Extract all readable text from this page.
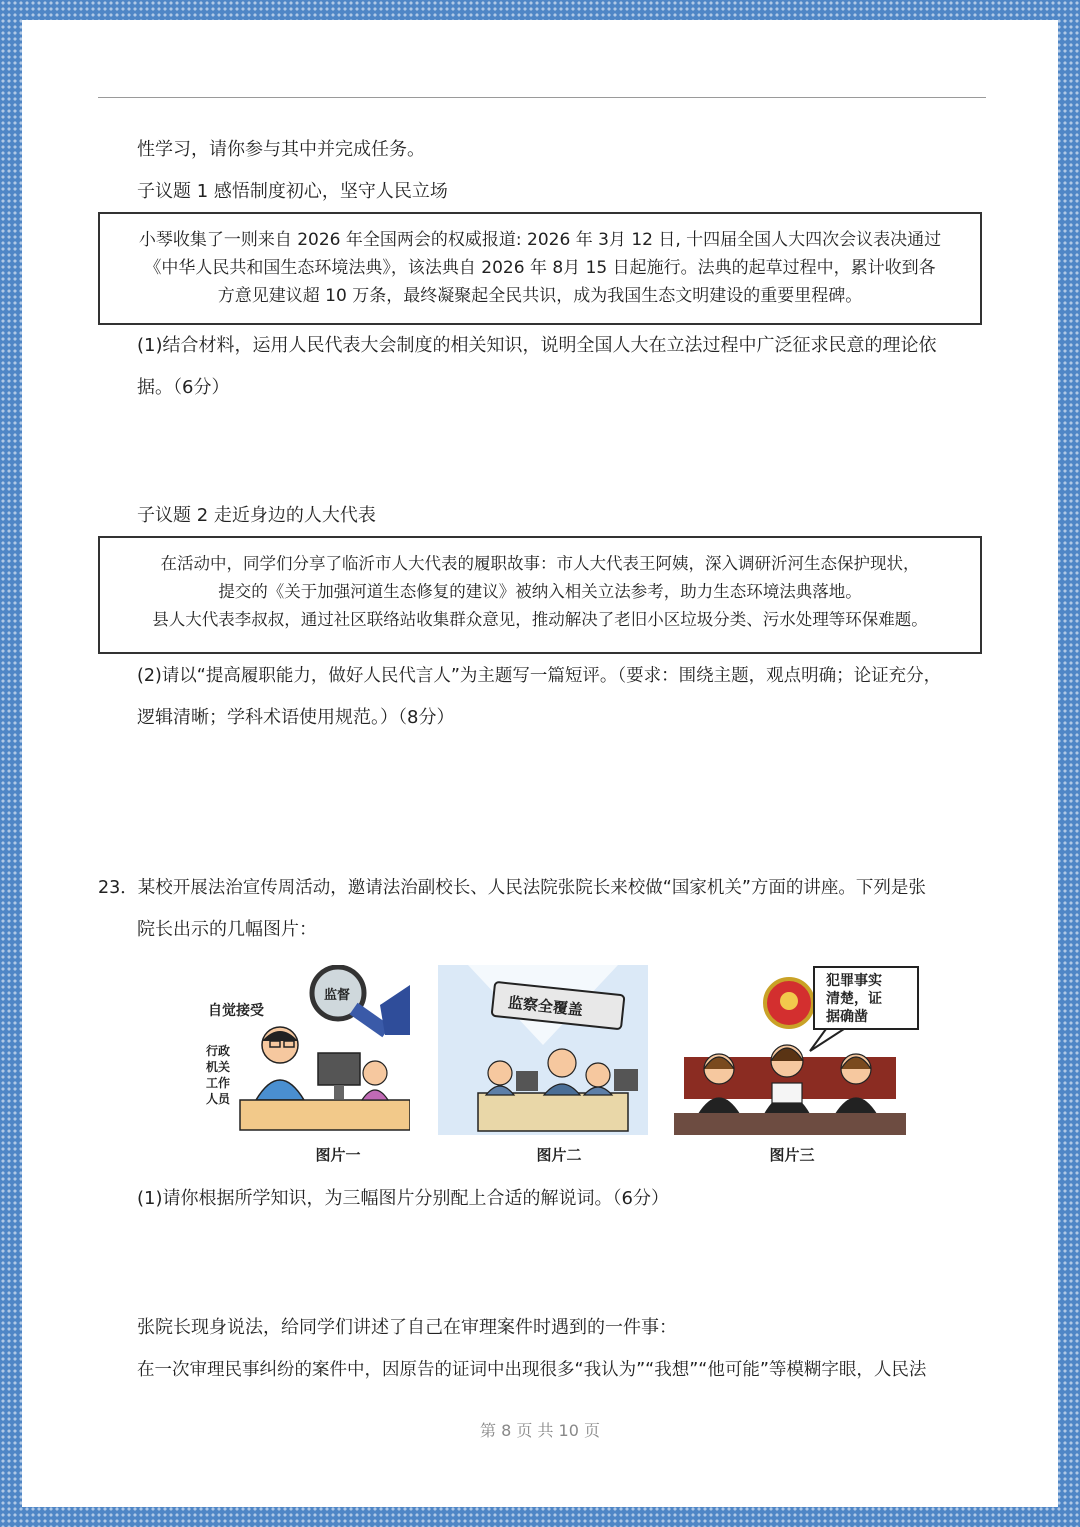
性学习，请你参与其中并完成任务。
子议题 1 感悟制度初心，坚守人民立场
小琴收集了一则来自 2026 年全国两会的权威报道: 2026 年 3月 12 日, 十四届全国人大四次会议表决通过
《中华人民共和国生态环境法典》，该法典自 2026 年 8月 15 日起施行。法典的起草过程中，累计收到各
方意见建议超 10 万条，最终凝聚起全民共识，成为我国生态文明建设的重要里程碑。
(1)结合材料，运用人民代表大会制度的相关知识，说明全国人大在立法过程中广泛征求民意的理论依
据。（6分）
子议题 2 走近身边的人大代表
在活动中，同学们分享了临沂市人大代表的履职故事：市人大代表王阿姨，深入调研沂河生态保护现状，
提交的《关于加强河道生态修复的建议》被纳入相关立法参考，助力生态环境法典落地。
县人大代表李叔叔，通过社区联络站收集群众意见，推动解决了老旧小区垃圾分类、污水处理等环保难题。
(2)请以“提高履职能力，做好人民代言人”为主题写一篇短评。（要求：围绕主题，观点明确；论证充分，
逻辑清晰；学科术语使用规范。）（8分）
23．某校开展法治宣传周活动，邀请法治副校长、人民法院张院长来校做“国家机关”方面的讲座。下列是张
院长出示的几幅图片：
自觉接受
行政
机关
工作
人员
监督
图片一
监察全覆盖
图片二
犯罪事实
清楚，证
据确凿
图片三
(1)请你根据所学知识，为三幅图片分别配上合适的解说词。（6分）
张院长现身说法，给同学们讲述了自己在审理案件时遇到的一件事：
在一次审理民事纠纷的案件中，因原告的证词中出现很多“我认为”“我想”“他可能”等模糊字眼，人民法
第 8 页 共 10 页
